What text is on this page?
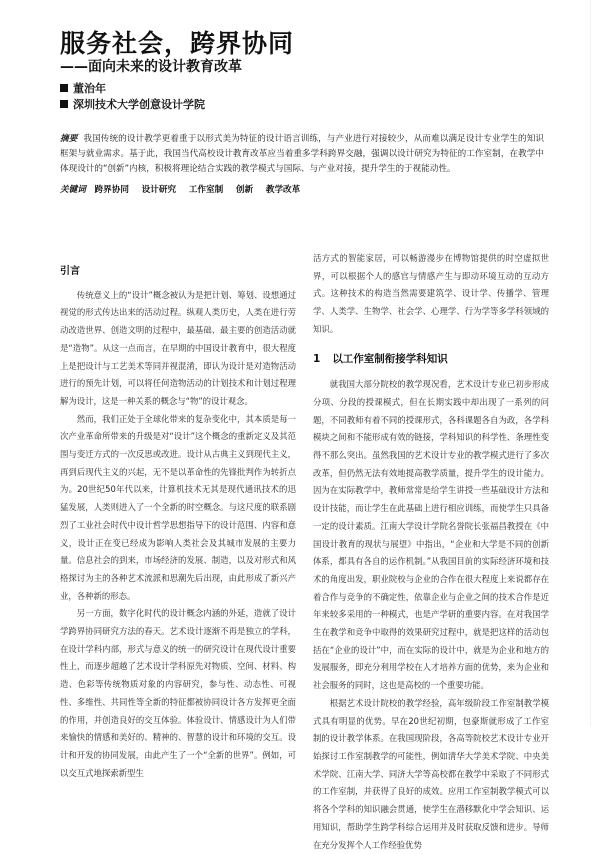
服务社会，跨界协同
——面向未来的设计教育改革
董治年
深圳技术大学创意设计学院
摘要 我国传统的设计教学更着重于以形式美为特征的设计语言训练，与产业进行对接较少，从而难以满足设计专业学生的知识框架与就业需求。基于此，我国当代高校设计教育改革应当着重多学科跨界交融，强调以设计研究为特征的工作室制，在教学中体现设计的“创新”内核，积极将理论结合实践的教学模式与国际、与产业对接，提升学生的于视能动性。
关键词 跨界协同 设计研究 工作室制 创新 教学改革
引言

传统意义上的“设计”概念被认为是把计划、筹划、设想通过视觉的形式传达出来的活动过程。纵观人类历史，人类在进行劳动改造世界、创造文明的过程中，最基础、最主要的创造活动就是“造物”。从这一点而言，在早期的中国设计教育中，很大程度上是把设计与工艺美术等同并视混淆，即认为设计是对造物活动进行的预先计划，可以将任何造物活动的计划技术和计划过程理解为设计，这是一种关系的概念与“物”的设计观念。

然而，我们正处于全球化带来的复杂变化中，其本质是每一次产业革命所带来的升级是对“设计”这个概念的重新定义及其范围与变迁方式的一次反思或改进。设计从古典主义到现代主义，再到后现代主义的兴起，无不是以革命性的先锋批判作为转折点为。20世纪50年代以来，计算机技术无其是现代通讯技术的迅猛发展，人类则进入了一个全新的时空概念。与这尺度的联系剧烈了工业社会时代中设计哲学思想指导下的设计范围、内容和意义，设计正在变已经成为影响人类社会及其城市发展的主要力量。信息社会的到来，市场经济的发展、制造，以及对形式和风格探讨为主的各种艺术流派和思潮先后出现，由此形成了新兴产业，各种新的形态。

另一方面，数字化时代的设计概念内涵的外延，造就了设计学跨界协同研究方法的春天。艺术设计逐渐不再是独立的学科，在设计学科内部，形式与意义的统一的研究设计在现代设计重要性上，而逐步超越了艺术设计学科原先对物质、空间、材料、构造、色彩等传统物质对象的内容研究，参与性、动态性、可视性、多维性、共同性等全新的特征都被协同设计各方发挥更全面的作用，并创造良好的交互体验。体验设计、情感设计为人们带来愉快的情感和美好的、精神的、智慧的设计和环境的交互。设计和开发的协同发展，由此产生了一个“全新的世界”。例如，可以交互式地探索新型生

活方式的智能家居，可以畅游漫步在博物馆提供的时空虚拟世界，可以根据个人的感官与情感产生与即动环境互动的互动方式。这种技术的构造当然需要建筑学、设计学、传播学、管理学、人类学、生物学、社会学、心理学、行为学等多学科领域的知识。

1 以工作室制衔接学科知识

就我国大部分院校的教学现况看，艺术设计专业已初步形成分项、分段的授课模式，但在长期实践中却出现了一系列的问题，不同教师有着不同的授课形式，各科课题各自为政，各学科模块之间和不能形成有效的链接，学科知识的科学性、条理性变得不那么突出。虽然我国的艺术设计专业的教学模式进行了多次改革，但仍然无法有效地提高教学质量，提升学生的设计能力。因为在实际教学中，教师常常是给学生讲授一些基础设计方法和设计技能，而让学生在此基础上进行相应训练，而使学生只具备一定的设计素质。江南大学设计学院名誉院长张福昌教授在《中国设计教育的现状与展望》中指出，“企业和大学是不同的创新体系，都具有各自的运作机制。”从我国目前的实际经济环境和技术的角度出发，职业院校与企业的合作在很大程度上来说都存在着合作与竞争的不确定性，依靠企业与企业之间的技术合作是近年来较多采用的一种模式，也是产学研的重要内容。在对我国学生在教学和竞争中取得的效果研究过程中，就是把这样的活动包括在“企业的设计”中，而在实际的设计中，就是为企业和地方的发展服务，即充分利用学校在人才培养方面的优势，来为企业和社会服务的同时，这也是高校的一个重要功能。

根据艺术设计院校的教学经验，高年级阶段工作室制教学模式具有明显的优势。早在20世纪初期，包豪斯就形成了工作室制的设计教学体系。在我国现阶段，各高等院校艺术设计专业开始探讨工作室制教学的可能性，例如清华大学美术学院、中央美术学院、江南大学、同济大学等高校都在教学中采取了不同形式的工作室制，并获得了良好的成效。应用工作室制教学模式可以将各个学科的知识融会贯通，使学生在潜移默化中学会知识、运用知识，帮助学生跨学科综合运用并及时获取反馈和进步。导师在充分发挥个人工作经验优势
